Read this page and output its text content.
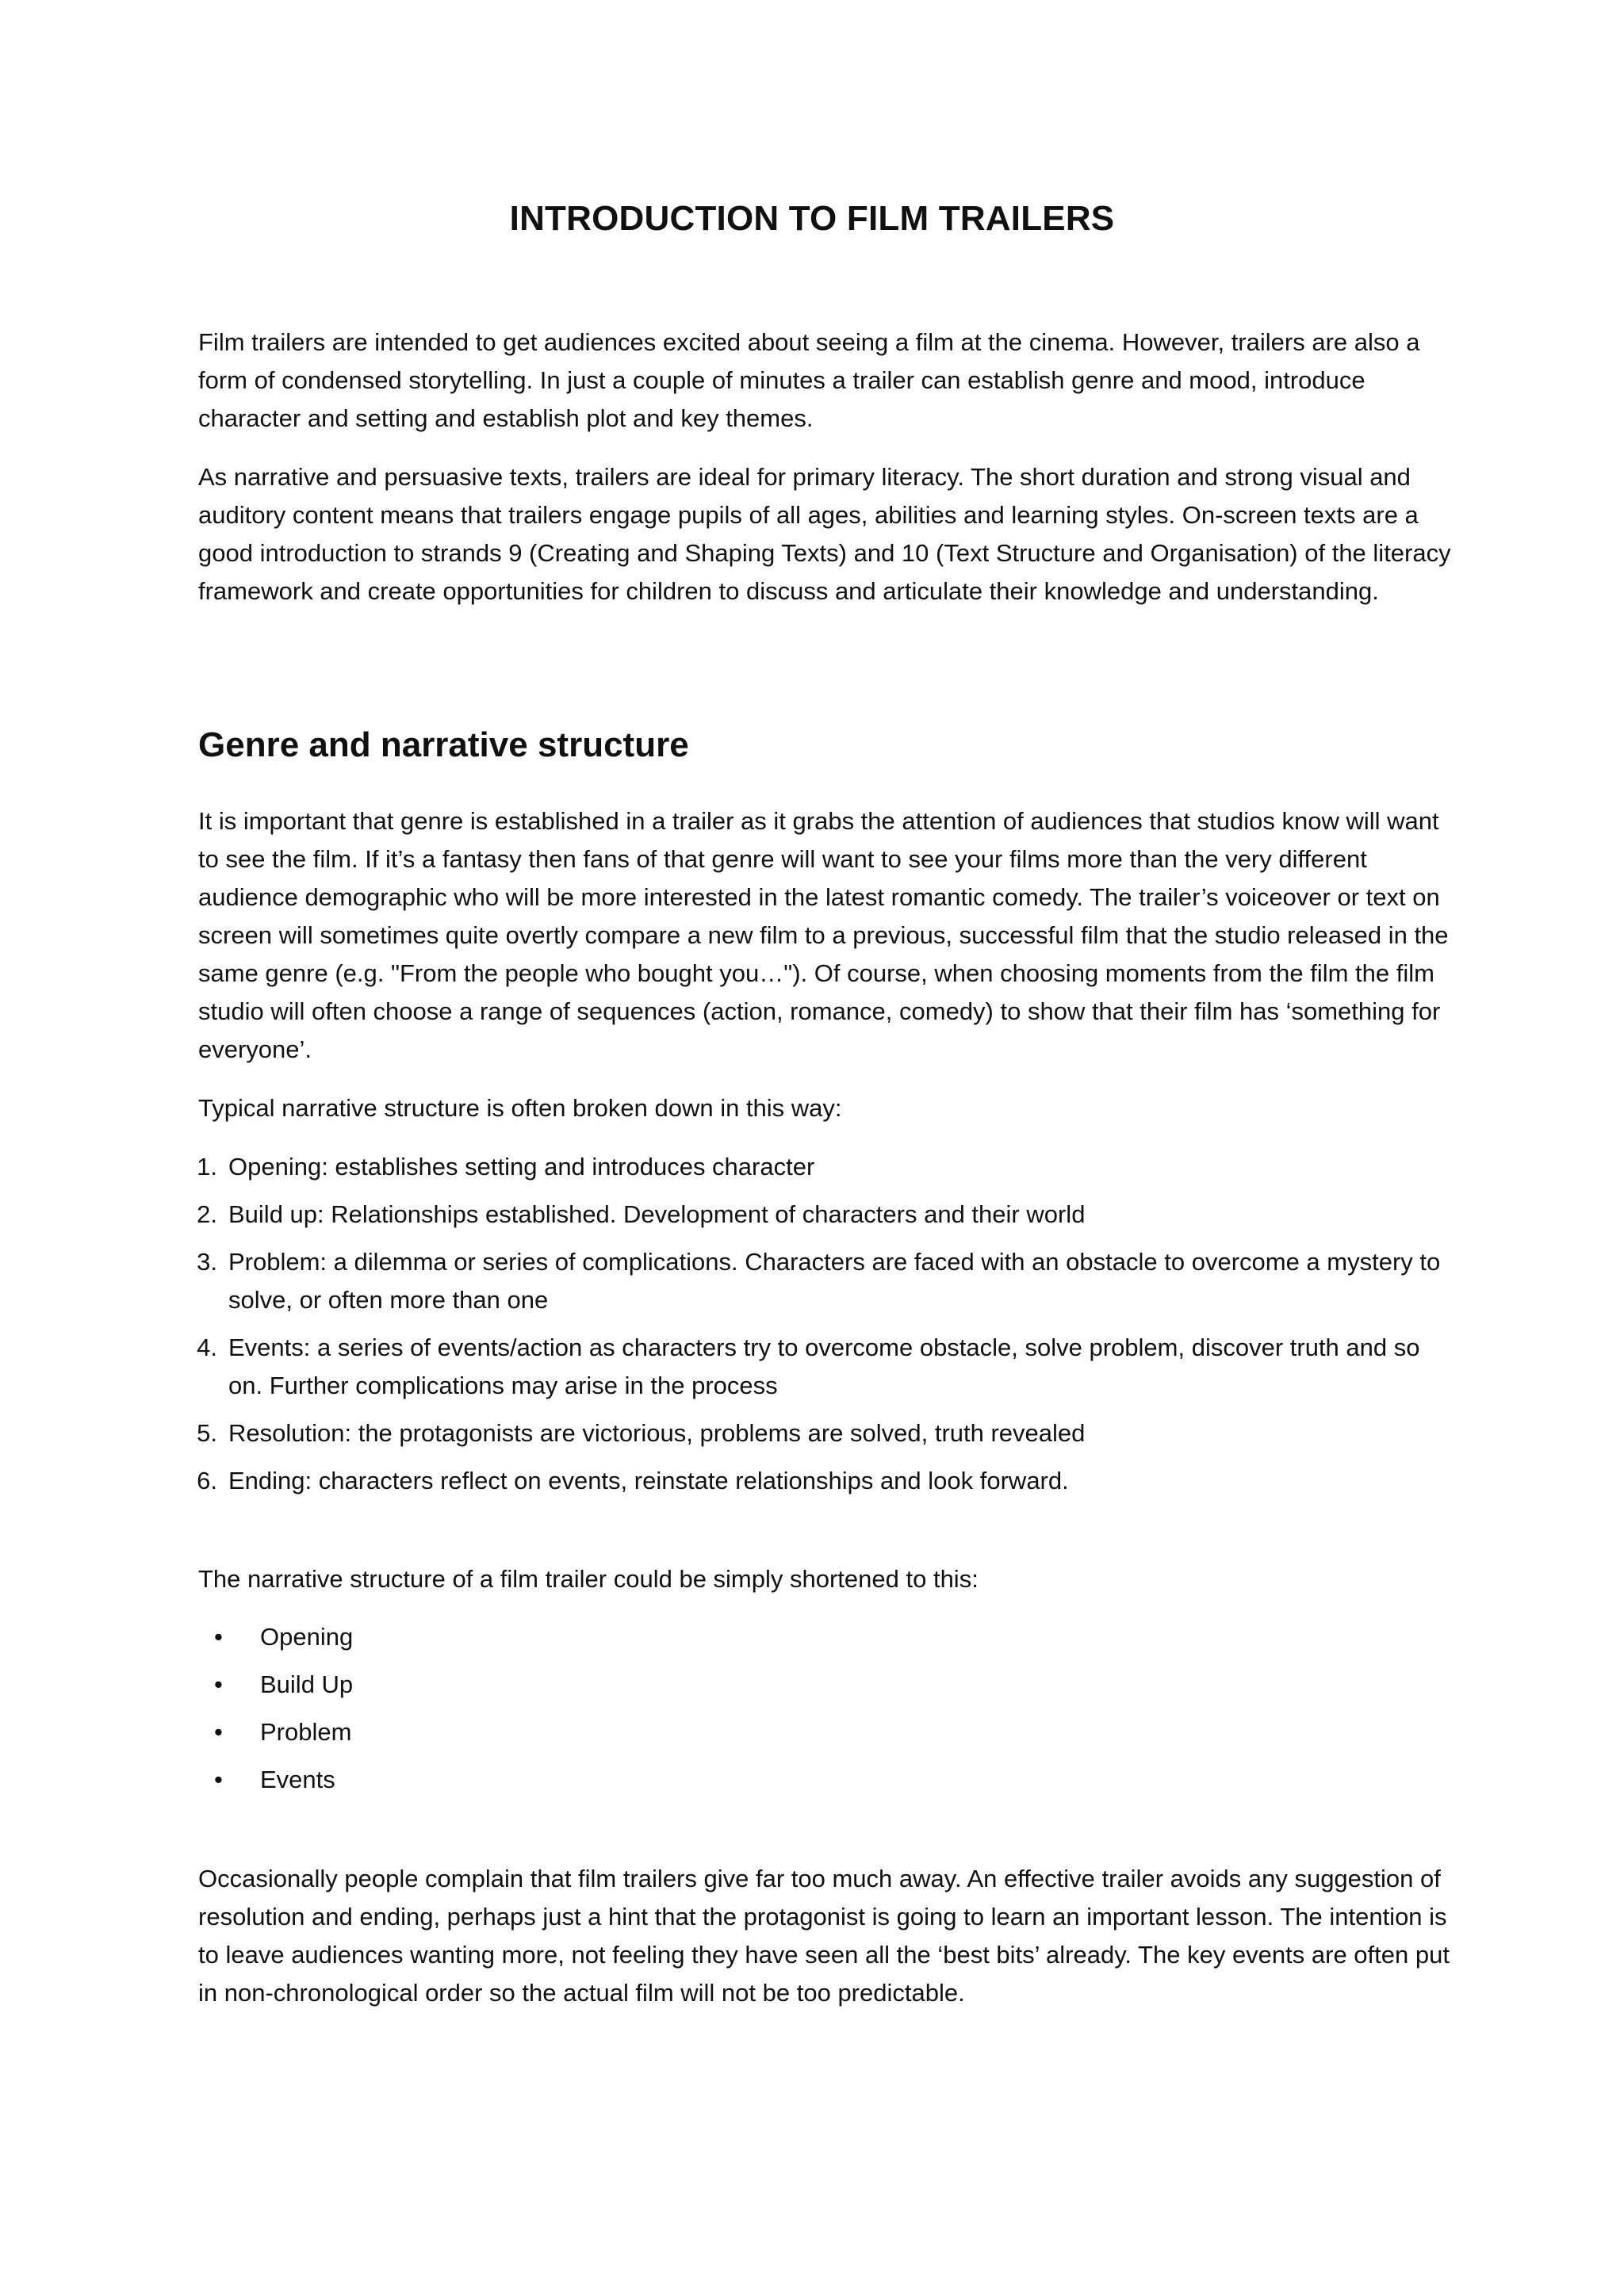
INTRODUCTION TO FILM TRAILERS

Film trailers are intended to get audiences excited about seeing a film at the cinema. However, trailers are also a form of condensed storytelling. In just a couple of minutes a trailer can establish genre and mood, introduce character and setting and establish plot and key themes.

As narrative and persuasive texts, trailers are ideal for primary literacy. The short duration and strong visual and auditory content means that trailers engage pupils of all ages, abilities and learning styles. On-screen texts are a good introduction to strands 9 (Creating and Shaping Texts) and 10 (Text Structure and Organisation) of the literacy framework and create opportunities for children to discuss and articulate their knowledge and understanding.

Genre and narrative structure

It is important that genre is established in a trailer as it grabs the attention of audiences that studios know will want to see the film. If it’s a fantasy then fans of that genre will want to see your films more than the very different audience demographic who will be more interested in the latest romantic comedy. The trailer’s voiceover or text on screen will sometimes quite overtly compare a new film to a previous, successful film that the studio released in the same genre (e.g. "From the people who bought you…"). Of course, when choosing moments from the film the film studio will often choose a range of sequences (action, romance, comedy) to show that their film has ‘something for everyone’.

Typical narrative structure is often broken down in this way:

1. Opening: establishes setting and introduces character
2. Build up: Relationships established. Development of characters and their world
3. Problem: a dilemma or series of complications. Characters are faced with an obstacle to overcome a mystery to solve, or often more than one
4. Events: a series of events/action as characters try to overcome obstacle, solve problem, discover truth and so on. Further complications may arise in the process
5. Resolution: the protagonists are victorious, problems are solved, truth revealed
6. Ending: characters reflect on events, reinstate relationships and look forward.

The narrative structure of a film trailer could be simply shortened to this:

• Opening
• Build Up
• Problem
• Events

Occasionally people complain that film trailers give far too much away. An effective trailer avoids any suggestion of resolution and ending, perhaps just a hint that the protagonist is going to learn an important lesson. The intention is to leave audiences wanting more, not feeling they have seen all the ‘best bits’ already. The key events are often put in non-chronological order so the actual film will not be too predictable.
